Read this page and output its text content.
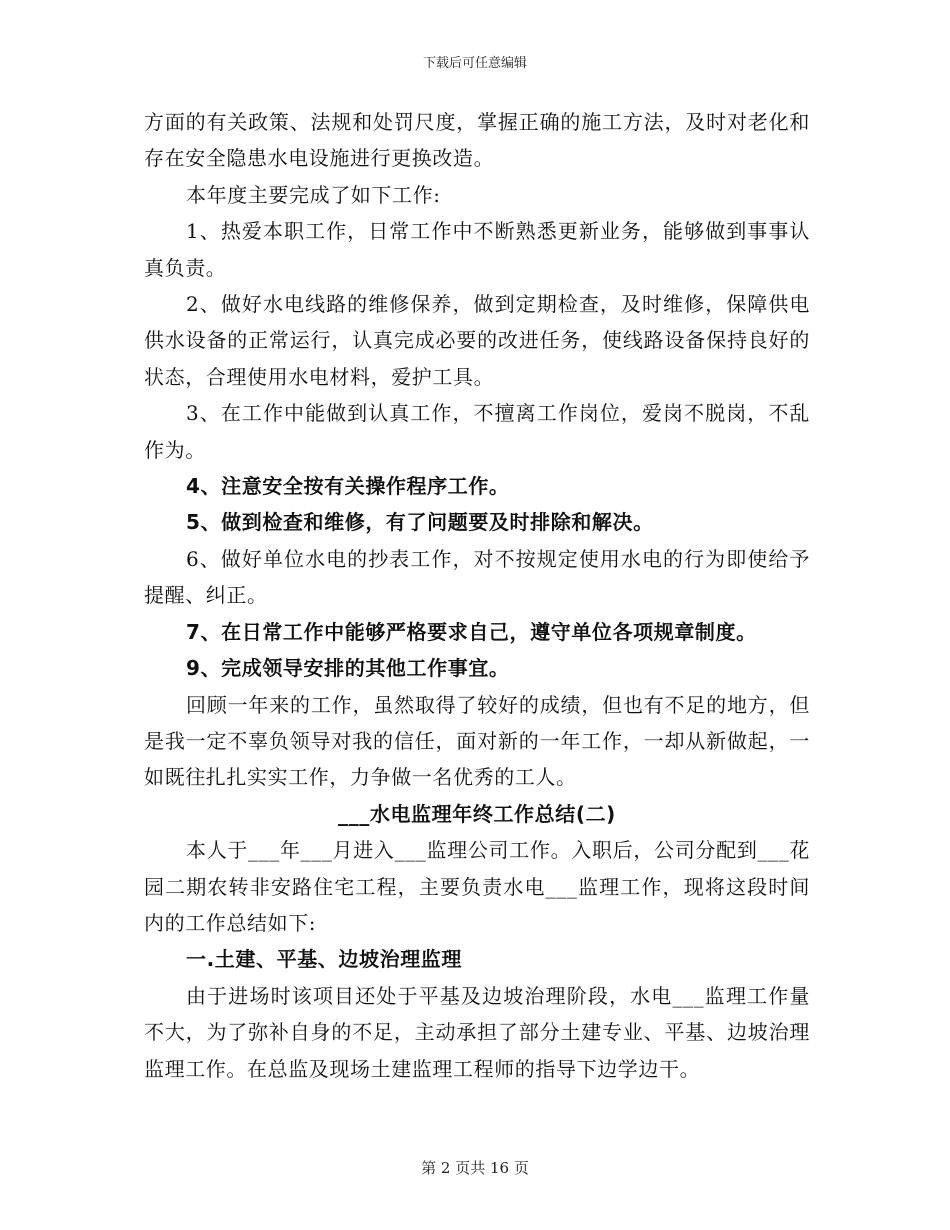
下载后可任意编辑

方面的有关政策、法规和处罚尺度，掌握正确的施工方法，及时对老化和存在安全隐患水电设施进行更换改造。

本年度主要完成了如下工作:

1、热爱本职工作，日常工作中不断熟悉更新业务，能够做到事事认真负责。

2、做好水电线路的维修保养，做到定期检查，及时维修，保障供电供水设备的正常运行，认真完成必要的改进任务，使线路设备保持良好的状态，合理使用水电材料，爱护工具。

3、在工作中能做到认真工作，不擅离工作岗位，爱岗不脱岗，不乱作为。

4、注意安全按有关操作程序工作。

5、做到检查和维修，有了问题要及时排除和解决。

6、做好单位水电的抄表工作，对不按规定使用水电的行为即使给予提醒、纠正。

7、在日常工作中能够严格要求自己，遵守单位各项规章制度。

9、完成领导安排的其他工作事宜。

回顾一年来的工作，虽然取得了较好的成绩，但也有不足的地方，但是我一定不辜负领导对我的信任，面对新的一年工作，一却从新做起，一如既往扎扎实实工作，力争做一名优秀的工人。

___水电监理年终工作总结(二)

本人于___年___月进入___监理公司工作。入职后，公司分配到___花园二期农转非安路住宅工程，主要负责水电___监理工作，现将这段时间内的工作总结如下:

一.土建、平基、边坡治理监理

由于进场时该项目还处于平基及边坡治理阶段，水电___监理工作量不大，为了弥补自身的不足，主动承担了部分土建专业、平基、边坡治理监理工作。在总监及现场土建监理工程师的指导下边学边干。

第 2 页共 16 页
